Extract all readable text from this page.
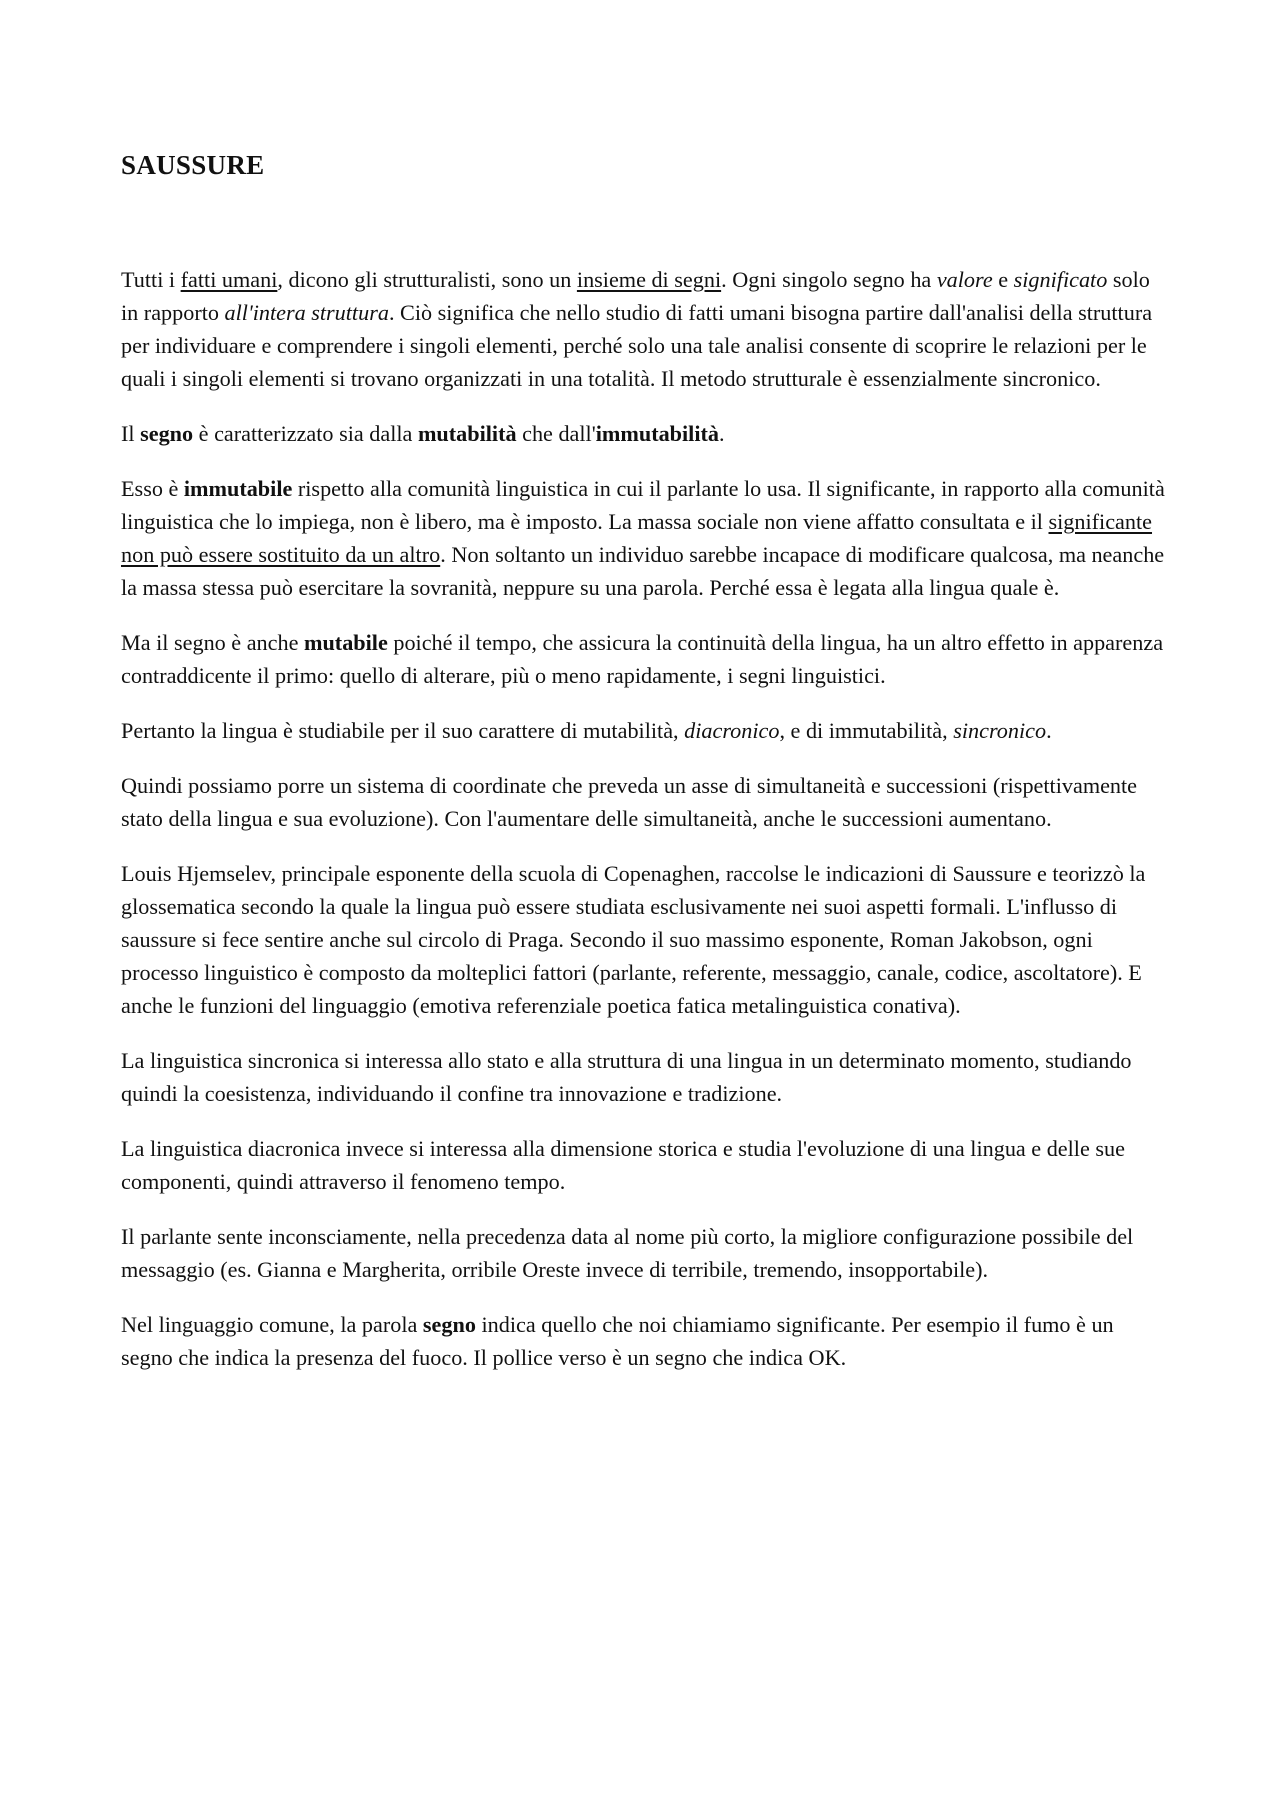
SAUSSURE

Tutti i fatti umani, dicono gli strutturalisti, sono un insieme di segni. Ogni singolo segno ha valore e significato solo in rapporto all'intera struttura. Ciò significa che nello studio di fatti umani bisogna partire dall'analisi della struttura per individuare e comprendere i singoli elementi, perché solo una tale analisi consente di scoprire le relazioni per le quali i singoli elementi si trovano organizzati in una totalità. Il metodo strutturale è essenzialmente sincronico.

Il segno è caratterizzato sia dalla mutabilità che dall'immutabilità.

Esso è immutabile rispetto alla comunità linguistica in cui il parlante lo usa. Il significante, in rapporto alla comunità linguistica che lo impiega, non è libero, ma è imposto. La massa sociale non viene affatto consultata e il significante non può essere sostituito da un altro. Non soltanto un individuo sarebbe incapace di modificare qualcosa, ma neanche la massa stessa può esercitare la sovranità, neppure su una parola. Perché essa è legata alla lingua quale è.

Ma il segno è anche mutabile poiché il tempo, che assicura la continuità della lingua, ha un altro effetto in apparenza contraddicente il primo: quello di alterare, più o meno rapidamente, i segni linguistici.

Pertanto la lingua è studiabile per il suo carattere di mutabilità, diacronico, e di immutabilità, sincronico.

Quindi possiamo porre un sistema di coordinate che preveda un asse di simultaneità e successioni (rispettivamente stato della lingua e sua evoluzione). Con l'aumentare delle simultaneità, anche le successioni aumentano.

Louis Hjemselev, principale esponente della scuola di Copenaghen, raccolse le indicazioni di Saussure e teorizzò la glossematica secondo la quale la lingua può essere studiata esclusivamente nei suoi aspetti formali. L'influsso di saussure si fece sentire anche sul circolo di Praga. Secondo il suo massimo esponente, Roman Jakobson, ogni processo linguistico è composto da molteplici fattori (parlante, referente, messaggio, canale, codice, ascoltatore). E anche le funzioni del linguaggio (emotiva referenziale poetica fatica metalinguistica conativa).

La linguistica sincronica si interessa allo stato e alla struttura di una lingua in un determinato momento, studiando quindi la coesistenza, individuando il confine tra innovazione e tradizione.

La linguistica diacronica invece si interessa alla dimensione storica e studia l'evoluzione di una lingua e delle sue componenti, quindi attraverso il fenomeno tempo.

Il parlante sente inconsciamente, nella precedenza data al nome più corto, la migliore configurazione possibile del messaggio (es. Gianna e Margherita, orribile Oreste invece di terribile, tremendo, insopportabile).

Nel linguaggio comune, la parola segno indica quello che noi chiamiamo significante. Per esempio il fumo è un segno che indica la presenza del fuoco. Il pollice verso è un segno che indica OK.
